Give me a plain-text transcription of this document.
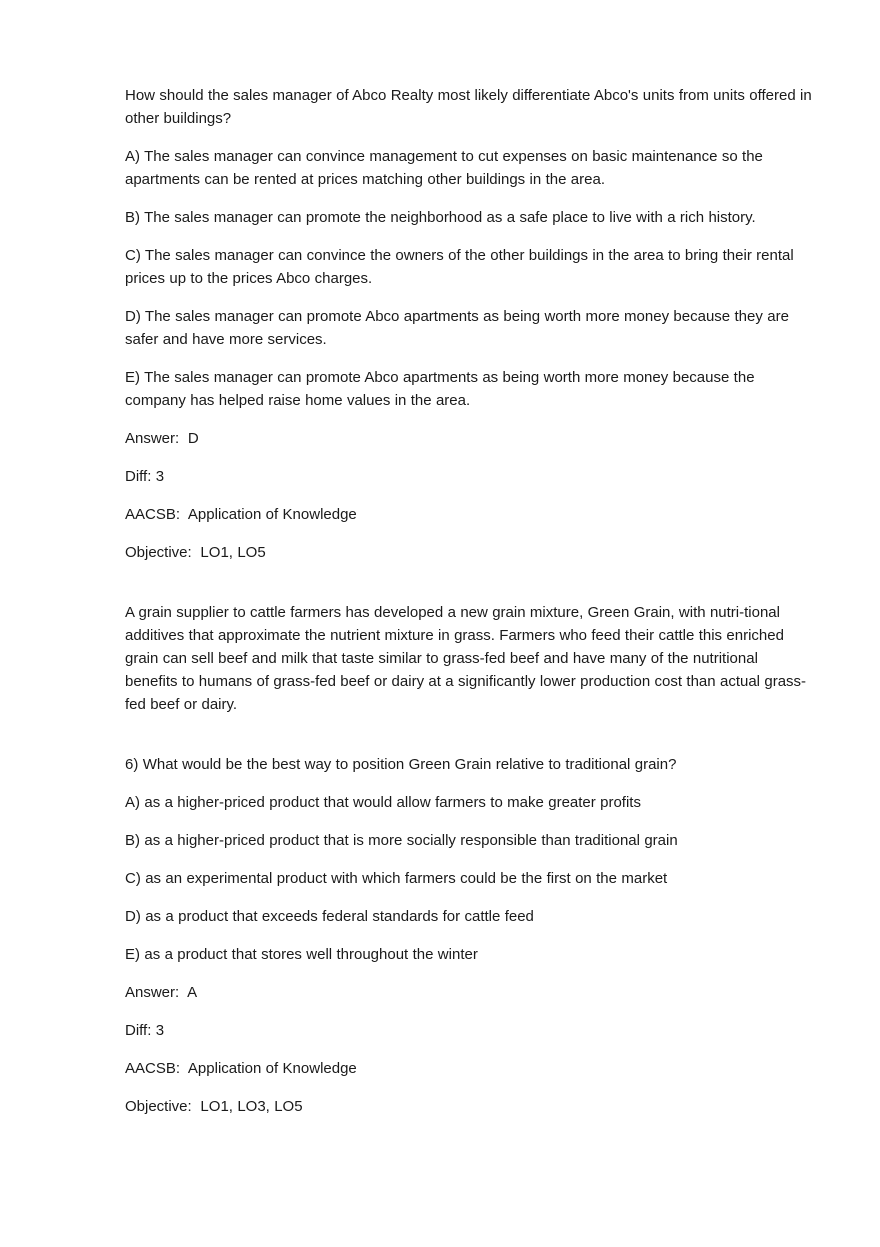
How should the sales manager of Abco Realty most likely differentiate Abco's units from units offered in other buildings?

A) The sales manager can convince management to cut expenses on basic maintenance so the apartments can be rented at prices matching other buildings in the area.

B) The sales manager can promote the neighborhood as a safe place to live with a rich history.

C) The sales manager can convince the owners of the other buildings in the area to bring their rental prices up to the prices Abco charges.

D) The sales manager can promote Abco apartments as being worth more money because they are safer and have more services.

E) The sales manager can promote Abco apartments as being worth more money because the company has helped raise home values in the area.

Answer:  D

Diff: 3

AACSB:  Application of Knowledge

Objective:  LO1, LO5

A grain supplier to cattle farmers has developed a new grain mixture, Green Grain, with nutri-tional additives that approximate the nutrient mixture in grass. Farmers who feed their cattle this enriched grain can sell beef and milk that taste similar to grass-fed beef and have many of the nutritional benefits to humans of grass-fed beef or dairy at a significantly lower production cost than actual grass-fed beef or dairy.

6) What would be the best way to position Green Grain relative to traditional grain?

A) as a higher-priced product that would allow farmers to make greater profits

B) as a higher-priced product that is more socially responsible than traditional grain

C) as an experimental product with which farmers could be the first on the market

D) as a product that exceeds federal standards for cattle feed

E) as a product that stores well throughout the winter

Answer:  A

Diff: 3

AACSB:  Application of Knowledge

Objective:  LO1, LO3, LO5
